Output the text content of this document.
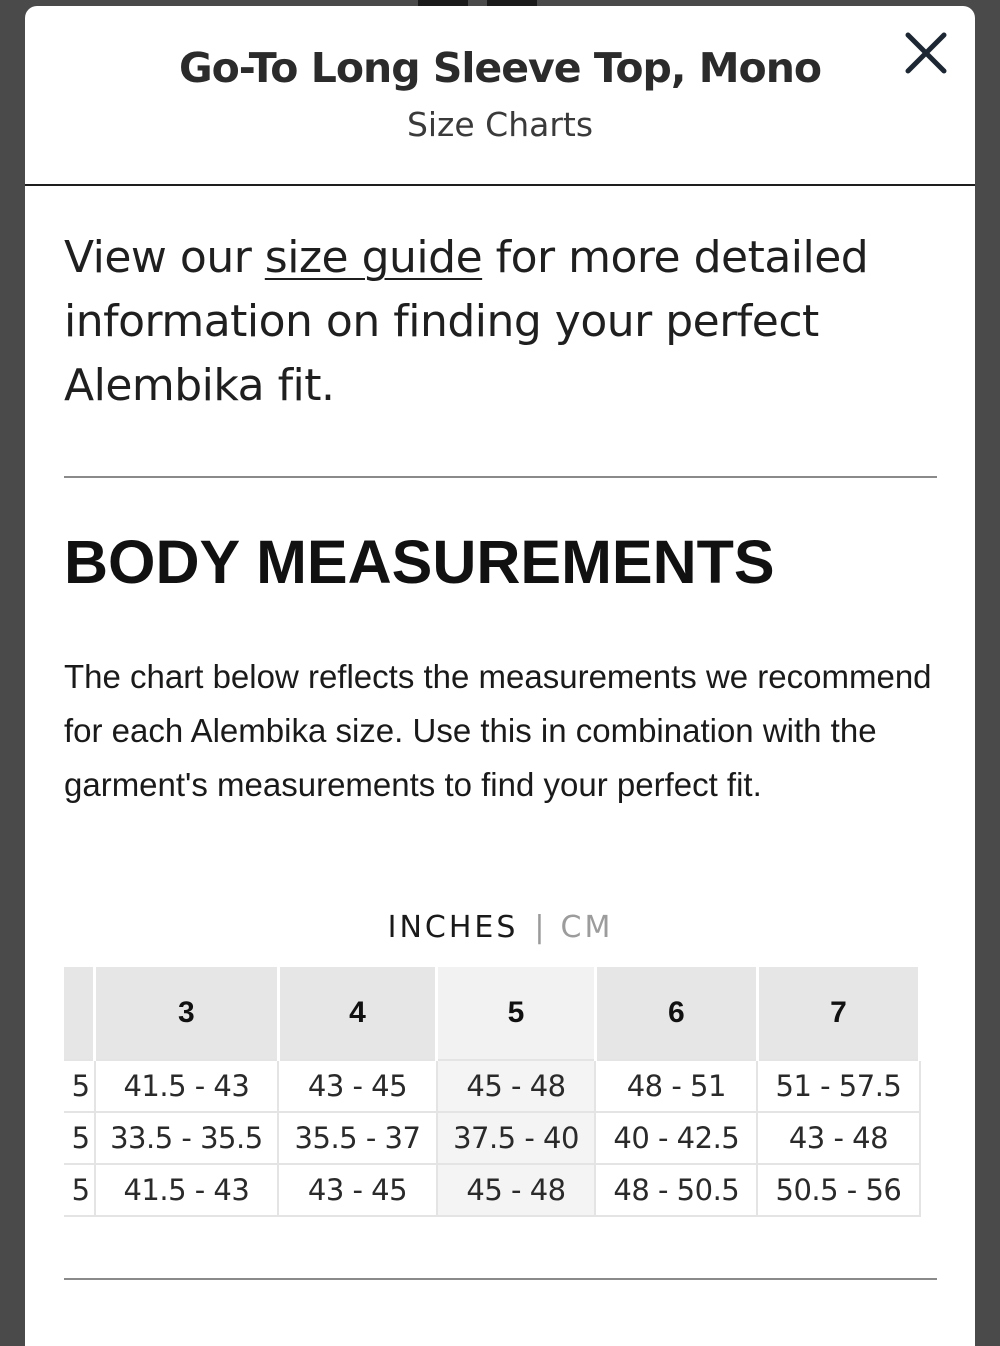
Go-To Long Sleeve Top, Mono
Size Charts

View our size guide for more detailed information on finding your perfect Alembika fit.

BODY MEASUREMENTS

The chart below reflects the measurements we recommend for each Alembika size. Use this in combination with the garment's measurements to find your perfect fit.

INCHES | CM
	3	4	5	6	7
5	41.5 - 43	43 - 45	45 - 48	48 - 51	51 - 57.5
5	33.5 - 35.5	35.5 - 37	37.5 - 40	40 - 42.5	43 - 48
5	41.5 - 43	43 - 45	45 - 48	48 - 50.5	50.5 - 56
